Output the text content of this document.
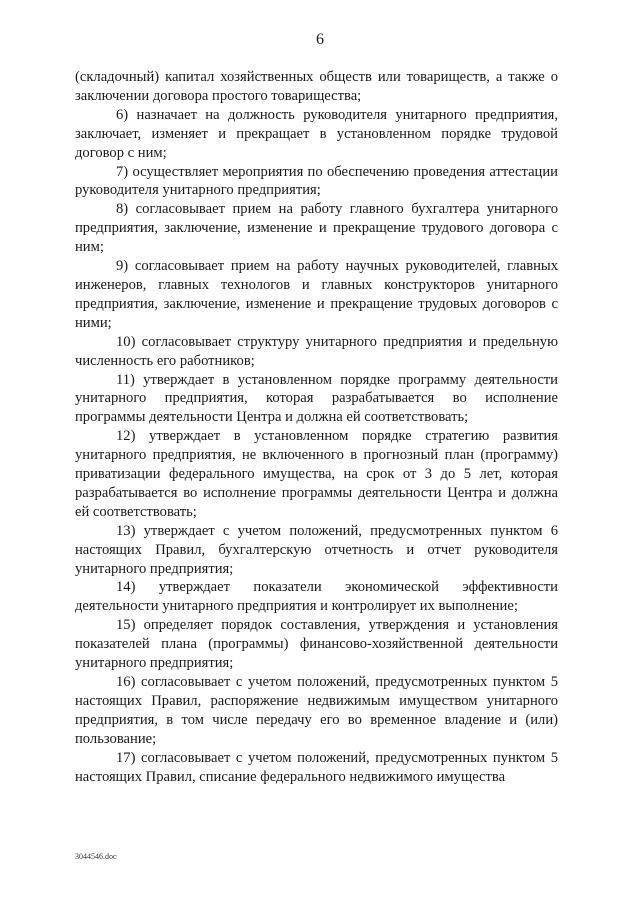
6

(складочный) капитал хозяйственных обществ или товариществ, а также о заключении договора простого товарищества;

6) назначает на должность руководителя унитарного предприятия, заключает, изменяет и прекращает в установленном порядке трудовой договор с ним;

7) осуществляет мероприятия по обеспечению проведения аттестации руководителя унитарного предприятия;

8) согласовывает прием на работу главного бухгалтера унитарного предприятия, заключение, изменение и прекращение трудового договора с ним;

9) согласовывает прием на работу научных руководителей, главных инженеров, главных технологов и главных конструкторов унитарного предприятия, заключение, изменение и прекращение трудовых договоров с ними;

10) согласовывает структуру унитарного предприятия и предельную численность его работников;

11) утверждает в установленном порядке программу деятельности унитарного предприятия, которая разрабатывается во исполнение программы деятельности Центра и должна ей соответствовать;

12) утверждает в установленном порядке стратегию развития унитарного предприятия, не включенного в прогнозный план (программу) приватизации федерального имущества, на срок от 3 до 5 лет, которая разрабатывается во исполнение программы деятельности Центра и должна ей соответствовать;

13) утверждает с учетом положений, предусмотренных пунктом 6 настоящих Правил, бухгалтерскую отчетность и отчет руководителя унитарного предприятия;

14) утверждает показатели экономической эффективности деятельности унитарного предприятия и контролирует их выполнение;

15) определяет порядок составления, утверждения и установления показателей плана (программы) финансово-хозяйственной деятельности унитарного предприятия;

16) согласовывает с учетом положений, предусмотренных пунктом 5 настоящих Правил, распоряжение недвижимым имуществом унитарного предприятия, в том числе передачу его во временное владение и (или) пользование;

17) согласовывает с учетом положений, предусмотренных пунктом 5 настоящих Правил, списание федерального недвижимого имущества

3044546.doc
